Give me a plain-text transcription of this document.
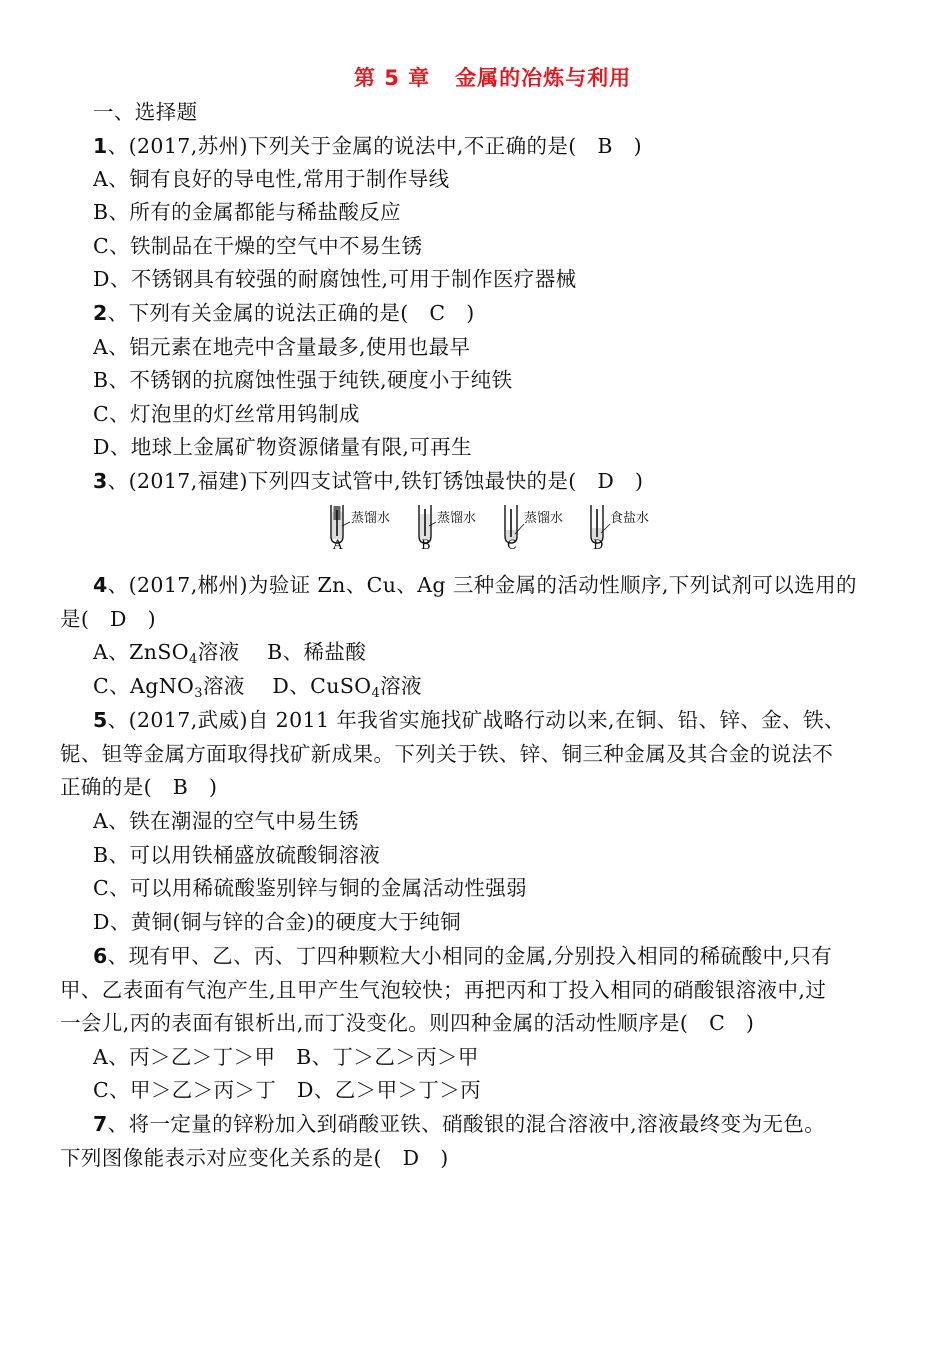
第 5 章   金属的冶炼与利用
一、选择题
1、(2017,苏州)下列关于金属的说法中,不正确的是(   B   )
A、铜有良好的导电性,常用于制作导线
B、所有的金属都能与稀盐酸反应
C、铁制品在干燥的空气中不易生锈
D、不锈钢具有较强的耐腐蚀性,可用于制作医疗器械
2、下列有关金属的说法正确的是(   C   )
A、铝元素在地壳中含量最多,使用也最早
B、不锈钢的抗腐蚀性强于纯铁,硬度小于纯铁
C、灯泡里的灯丝常用钨制成
D、地球上金属矿物资源储量有限,可再生
3、(2017,福建)下列四支试管中,铁钉锈蚀最快的是(   D   )
蒸馏水
A
蒸馏水
B
蒸馏水
C
食盐水
D
4、(2017,郴州)为验证 Zn、Cu、Ag 三种金属的活动性顺序,下列试剂可以选用的
是(   D   )
A、ZnSO$_4$溶液    B、稀盐酸
C、AgNO$_3$溶液    D、CuSO$_4$溶液
5、(2017,武威)自 2011 年我省实施找矿战略行动以来,在铜、铅、锌、金、铁、
铌、钽等金属方面取得找矿新成果。下列关于铁、锌、铜三种金属及其合金的说法不
正确的是(   B   )
A、铁在潮湿的空气中易生锈
B、可以用铁桶盛放硫酸铜溶液
C、可以用稀硫酸鉴别锌与铜的金属活动性强弱
D、黄铜(铜与锌的合金)的硬度大于纯铜
6、现有甲、乙、丙、丁四种颗粒大小相同的金属,分别投入相同的稀硫酸中,只有
甲、乙表面有气泡产生,且甲产生气泡较快；再把丙和丁投入相同的硝酸银溶液中,过
一会儿,丙的表面有银析出,而丁没变化。则四种金属的活动性顺序是(   C   )
A、丙＞乙＞丁＞甲   B、丁＞乙＞丙＞甲
C、甲＞乙＞丙＞丁   D、乙＞甲＞丁＞丙
7、将一定量的锌粉加入到硝酸亚铁、硝酸银的混合溶液中,溶液最终变为无色。
下列图像能表示对应变化关系的是(   D   )
